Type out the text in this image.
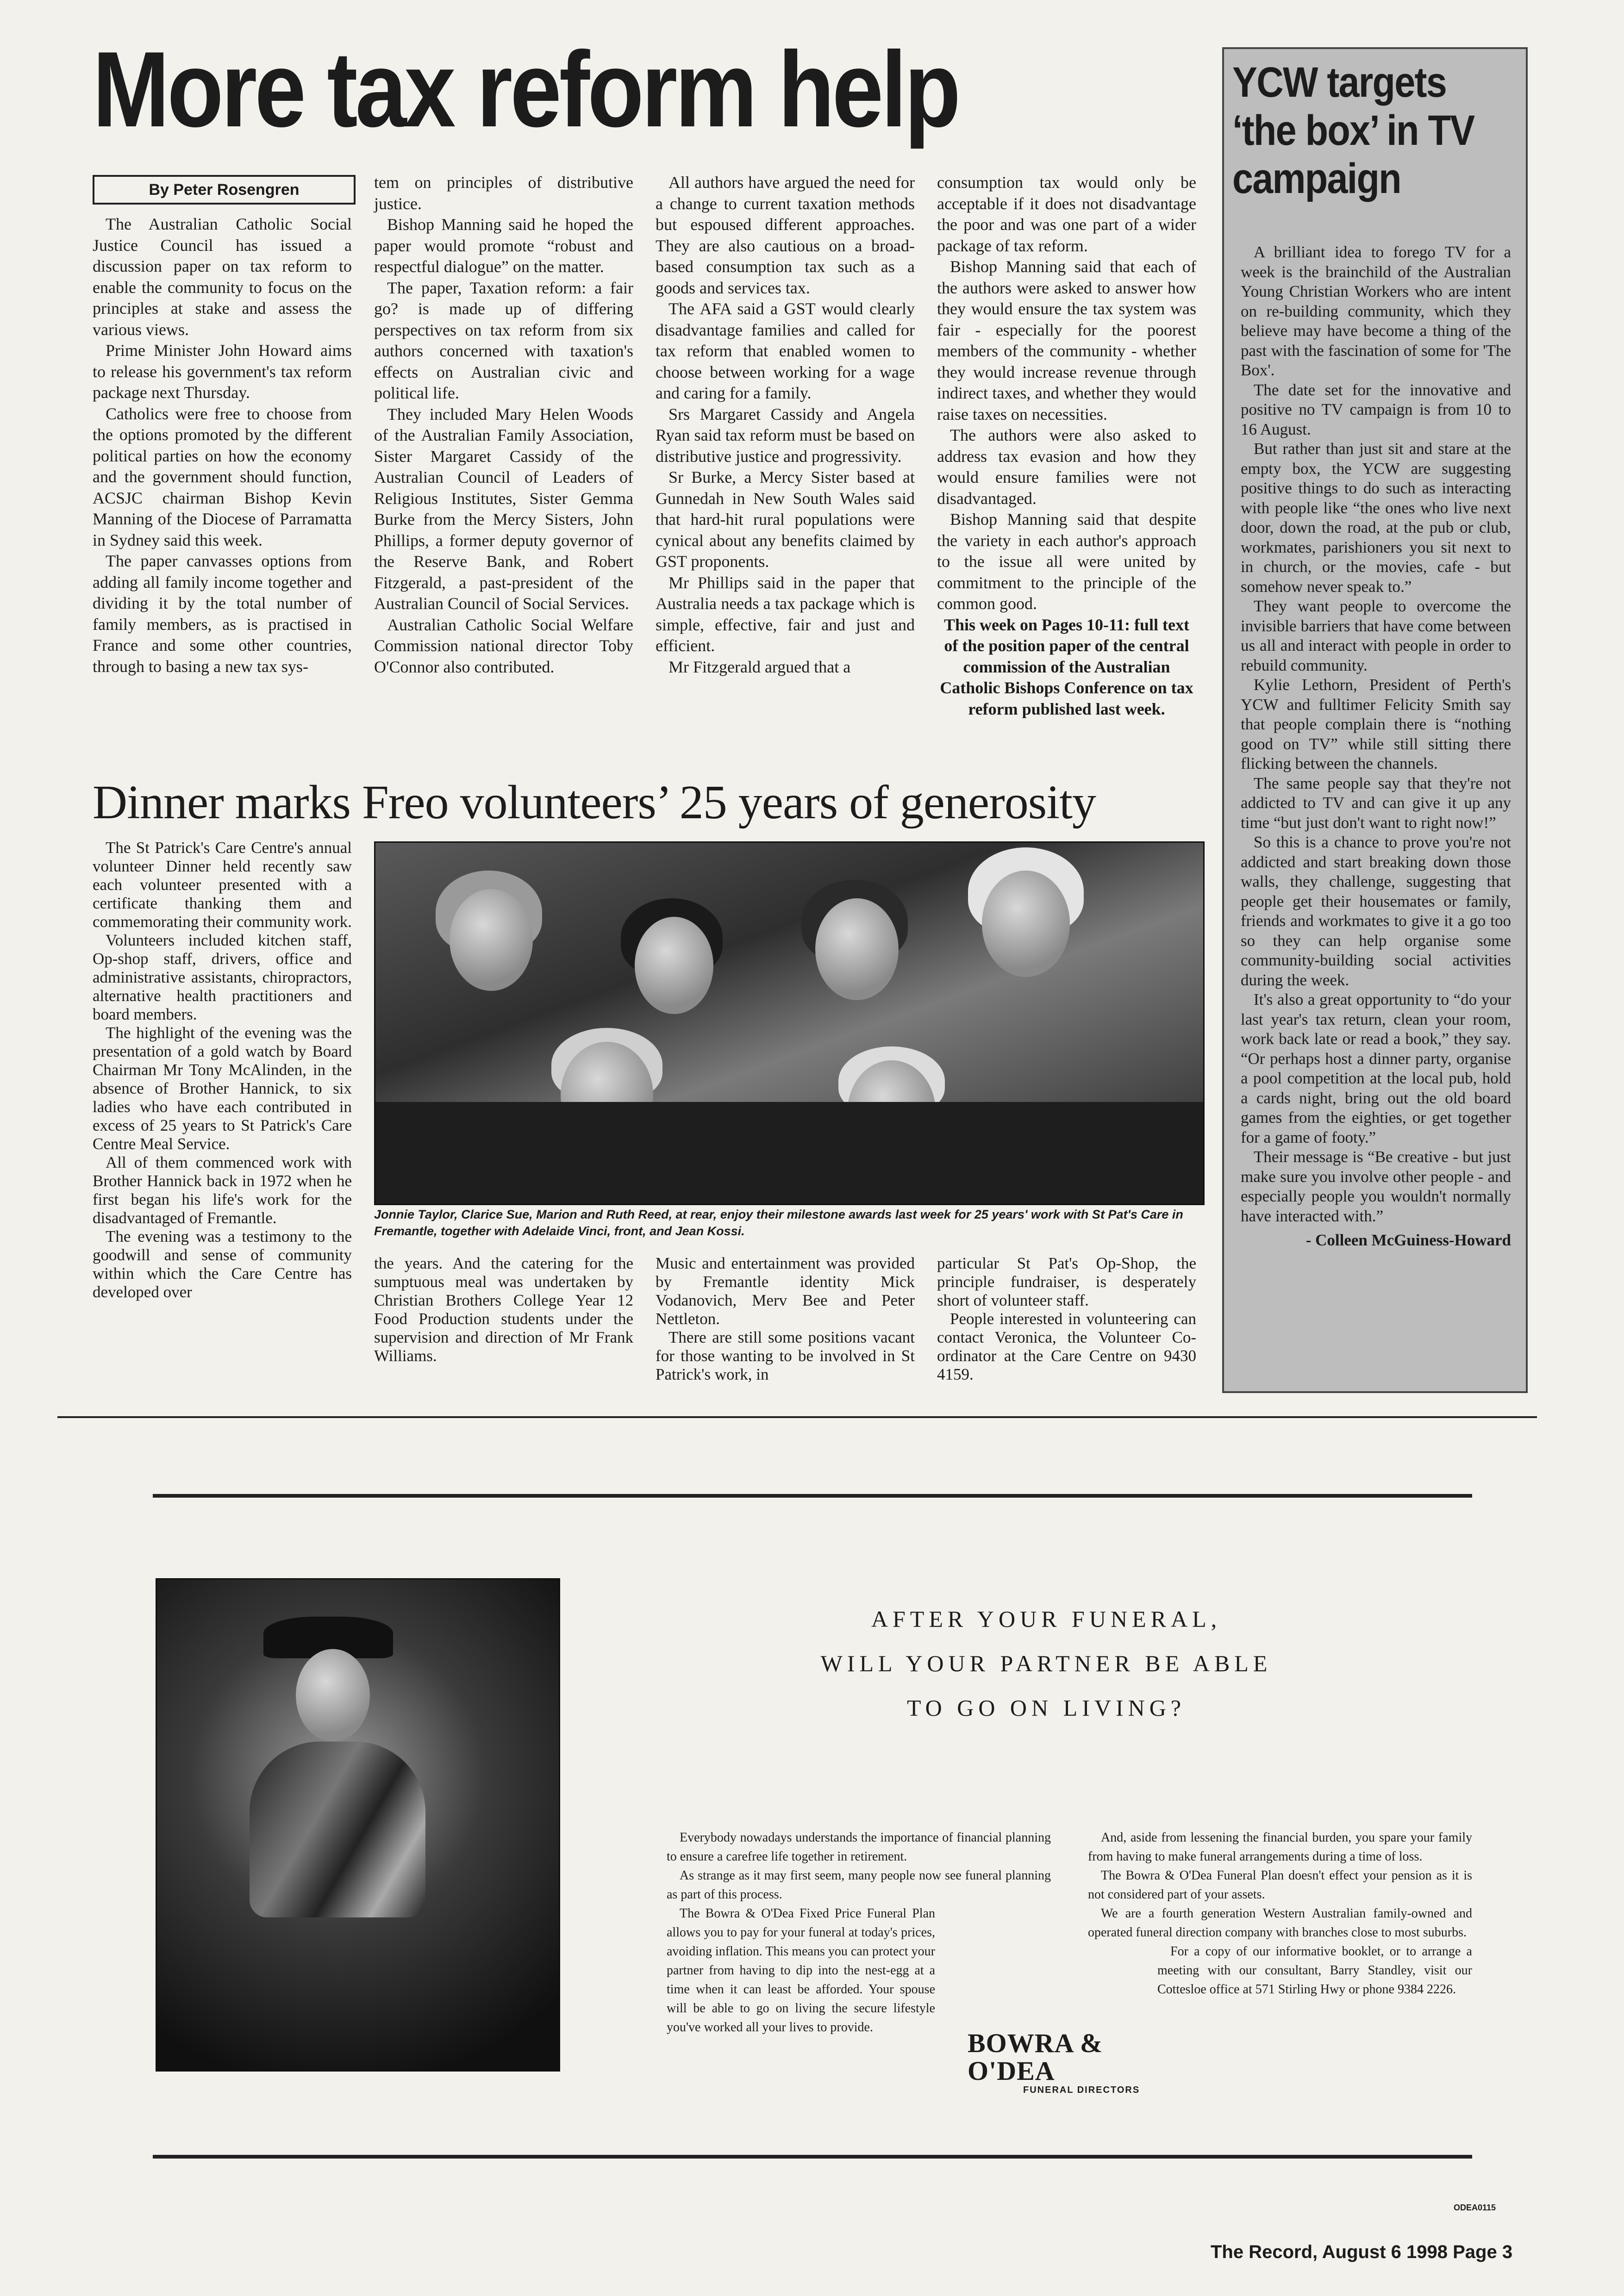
More tax reform help
By Peter Rosengren

The Australian Catholic Social Justice Council has issued a discussion paper on tax reform to enable the community to focus on the principles at stake and assess the various views.

Prime Minister John Howard aims to release his government's tax reform package next Thursday.

Catholics were free to choose from the options promoted by the different political parties on how the economy and the government should function, ACSJC chairman Bishop Kevin Manning of the Diocese of Parramatta in Sydney said this week.

The paper canvasses options from adding all family income together and dividing it by the total number of family members, as is practised in France and some other countries, through to basing a new tax sys-

tem on principles of distributive justice.

Bishop Manning said he hoped the paper would promote “robust and respectful dialogue” on the matter.

The paper, Taxation reform: a fair go? is made up of differing perspectives on tax reform from six authors concerned with taxation's effects on Australian civic and political life.

They included Mary Helen Woods of the Australian Family Association, Sister Margaret Cassidy of the Australian Council of Leaders of Religious Institutes, Sister Gemma Burke from the Mercy Sisters, John Phillips, a former deputy governor of the Reserve Bank, and Robert Fitzgerald, a past-president of the Australian Council of Social Services.

Australian Catholic Social Welfare Commission national director Toby O'Connor also contributed.

All authors have argued the need for a change to current taxation methods but espoused different approaches. They are also cautious on a broad-based consumption tax such as a goods and services tax.

The AFA said a GST would clearly disadvantage families and called for tax reform that enabled women to choose between working for a wage and caring for a family.

Srs Margaret Cassidy and Angela Ryan said tax reform must be based on distributive justice and progressivity.

Sr Burke, a Mercy Sister based at Gunnedah in New South Wales said that hard-hit rural populations were cynical about any benefits claimed by GST proponents.

Mr Phillips said in the paper that Australia needs a tax package which is simple, effective, fair and just and efficient.

Mr Fitzgerald argued that a

consumption tax would only be acceptable if it does not disadvantage the poor and was one part of a wider package of tax reform.

Bishop Manning said that each of the authors were asked to answer how they would ensure the tax system was fair - especially for the poorest members of the community - whether they would increase revenue through indirect taxes, and whether they would raise taxes on necessities.

The authors were also asked to address tax evasion and how they would ensure families were not disadvantaged.

Bishop Manning said that despite the variety in each author's approach to the issue all were united by commitment to the principle of the common good.

This week on Pages 10-11: full text of the position paper of the central commission of the Australian Catholic Bishops Conference on tax reform published last week.

YCW targets ‘the box’ in TV campaign

A brilliant idea to forego TV for a week is the brainchild of the Australian Young Christian Workers who are intent on re-building community, which they believe may have become a thing of the past with the fascination of some for 'The Box'.

The date set for the innovative and positive no TV campaign is from 10 to 16 August.

But rather than just sit and stare at the empty box, the YCW are suggesting positive things to do such as interacting with people like “the ones who live next door, down the road, at the pub or club, workmates, parishioners you sit next to in church, or the movies, cafe - but somehow never speak to.”

They want people to overcome the invisible barriers that have come between us all and interact with people in order to rebuild community.

Kylie Lethorn, President of Perth's YCW and fulltimer Felicity Smith say that people complain there is “nothing good on TV” while still sitting there flicking between the channels.

The same people say that they're not addicted to TV and can give it up any time “but just don't want to right now!”

So this is a chance to prove you're not addicted and start breaking down those walls, they challenge, suggesting that people get their housemates or family, friends and workmates to give it a go too so they can help organise some community-building social activities during the week.

It's also a great opportunity to “do your last year's tax return, clean your room, work back late or read a book,” they say. “Or perhaps host a dinner party, organise a pool competition at the local pub, hold a cards night, bring out the old board games from the eighties, or get together for a game of footy.”

Their message is “Be creative - but just make sure you involve other people - and especially people you wouldn't normally have interacted with.”

- Colleen McGuiness-Howard

Dinner marks Freo volunteers’ 25 years of generosity

The St Patrick's Care Centre's annual volunteer Dinner held recently saw each volunteer presented with a certificate thanking them and commemorating their community work.

Volunteers included kitchen staff, Op-shop staff, drivers, office and administrative assistants, chiropractors, alternative health practitioners and board members.

The highlight of the evening was the presentation of a gold watch by Board Chairman Mr Tony McAlinden, in the absence of Brother Hannick, to six ladies who have each contributed in excess of 25 years to St Patrick's Care Centre Meal Service.

All of them commenced work with Brother Hannick back in 1972 when he first began his life's work for the disadvantaged of Fremantle.

The evening was a testimony to the goodwill and sense of community within which the Care Centre has developed over

Jonnie Taylor, Clarice Sue, Marion and Ruth Reed, at rear, enjoy their milestone awards last week for 25 years' work with St Pat's Care in Fremantle, together with Adelaide Vinci, front, and Jean Kossi.

the years. And the catering for the sumptuous meal was undertaken by Christian Brothers College Year 12 Food Production students under the supervision and direction of Mr Frank Williams.

Music and entertainment was provided by Fremantle identity Mick Vodanovich, Merv Bee and Peter Nettleton.

There are still some positions vacant for those wanting to be involved in St Patrick's work, in

particular St Pat's Op-Shop, the principle fundraiser, is desperately short of volunteer staff.

People interested in volunteering can contact Veronica, the Volunteer Co-ordinator at the Care Centre on 9430 4159.

AFTER YOUR FUNERAL,
WILL YOUR PARTNER BE ABLE
TO GO ON LIVING?

Everybody nowadays understands the importance of financial planning to ensure a carefree life together in retirement.

As strange as it may first seem, many people now see funeral planning as part of this process.

The Bowra & O'Dea Fixed Price Funeral Plan allows you to pay for your funeral at today's prices, avoiding inflation. This means you can protect your partner from having to dip into the nest-egg at a time when it can least be afforded. Your spouse will be able to go on living the secure lifestyle you've worked all your lives to provide.

And, aside from lessening the financial burden, you spare your family from having to make funeral arrangements during a time of loss.

The Bowra & O'Dea Funeral Plan doesn't effect your pension as it is not considered part of your assets.

We are a fourth generation Western Australian family-owned and operated funeral direction company with branches close to most suburbs.

For a copy of our informative booklet, or to arrange a meeting with our consultant, Barry Standley, visit our Cottesloe office at 571 Stirling Hwy or phone 9384 2226.

BOWRA & O'DEA
FUNERAL DIRECTORS
ODEA0115
The Record, August 6 1998 Page 3
